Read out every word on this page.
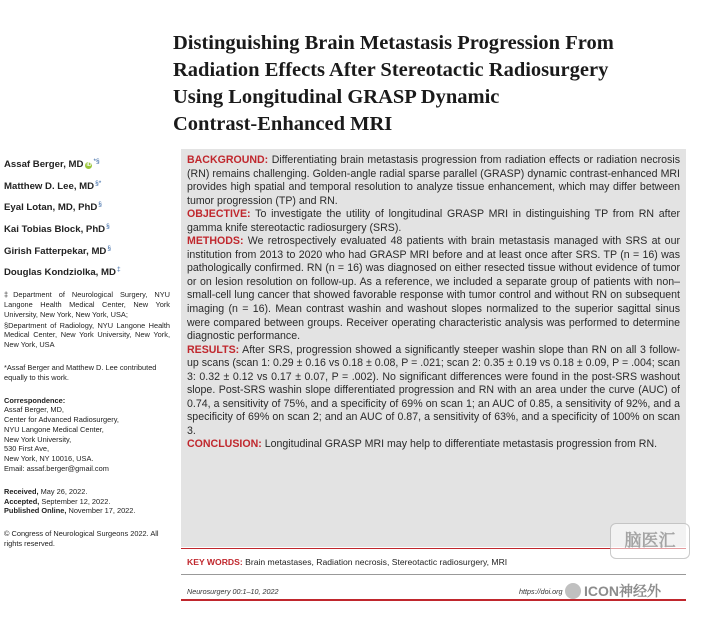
Distinguishing Brain Metastasis Progression From
Radiation Effects After Stereotactic Radiosurgery
Using Longitudinal GRASP Dynamic
Contrast-Enhanced MRI
Assaf Berger, MD iD*§
Matthew D. Lee, MD§*
Eyal Lotan, MD, PhD§
Kai Tobias Block, PhD§
Girish Fatterpekar, MD§
Douglas Kondziolka, MD‡

‡Department of Neurological Surgery, NYU Langone Health Medical Center, New York University, New York, New York, USA;

§Department of Radiology, NYU Langone Health Medical Center, New York University, New York, New York, USA

*Assaf Berger and Matthew D. Lee contributed equally to this work.
Correspondence:
Assaf Berger, MD,
Center for Advanced Radiosurgery,
NYU Langone Medical Center,
New York University,
530 First Ave,
New York, NY 10016, USA.
Email: assaf.berger@gmail.com
Received, May 26, 2022.
Accepted, September 12, 2022.
Published Online, November 17, 2022.
© Congress of Neurological Surgeons 2022. All rights reserved.

BACKGROUND: Differentiating brain metastasis progression from radiation effects or radiation necrosis (RN) remains challenging. Golden-angle radial sparse parallel (GRASP) dynamic contrast-enhanced MRI provides high spatial and temporal resolution to analyze tissue enhancement, which may differ between tumor progression (TP) and RN.

OBJECTIVE: To investigate the utility of longitudinal GRASP MRI in distinguishing TP from RN after gamma knife stereotactic radiosurgery (SRS).

METHODS: We retrospectively evaluated 48 patients with brain metastasis managed with SRS at our institution from 2013 to 2020 who had GRASP MRI before and at least once after SRS. TP (n = 16) was pathologically confirmed. RN (n = 16) was diagnosed on either resected tissue without evidence of tumor or on lesion resolution on follow-up. As a reference, we included a separate group of patients with non–small-cell lung cancer that showed favorable response with tumor control and without RN on subsequent imaging (n = 16). Mean contrast washin and washout slopes normalized to the superior sagittal sinus were compared between groups. Receiver operating characteristic analysis was performed to determine diagnostic performance.

RESULTS: After SRS, progression showed a significantly steeper washin slope than RN on all 3 follow-up scans (scan 1: 0.29 ± 0.16 vs 0.18 ± 0.08, P = .021; scan 2: 0.35 ± 0.19 vs 0.18 ± 0.09, P = .004; scan 3: 0.32 ± 0.12 vs 0.17 ± 0.07, P = .002). No significant differences were found in the post-SRS washout slope. Post-SRS washin slope differentiated progression and RN with an area under the curve (AUC) of 0.74, a sensitivity of 75%, and a specificity of 69% on scan 1; an AUC of 0.85, a sensitivity of 92%, and a specificity of 69% on scan 2; and an AUC of 0.87, a sensitivity of 63%, and a specificity of 100% on scan 3.

CONCLUSION: Longitudinal GRASP MRI may help to differentiate metastasis progression from RN.

KEY WORDS: Brain metastases, Radiation necrosis, Stereotactic radiosurgery, MRI
Neurosurgery 00:1–10, 2022	https://doi.org
脑医汇
ICON神经外
